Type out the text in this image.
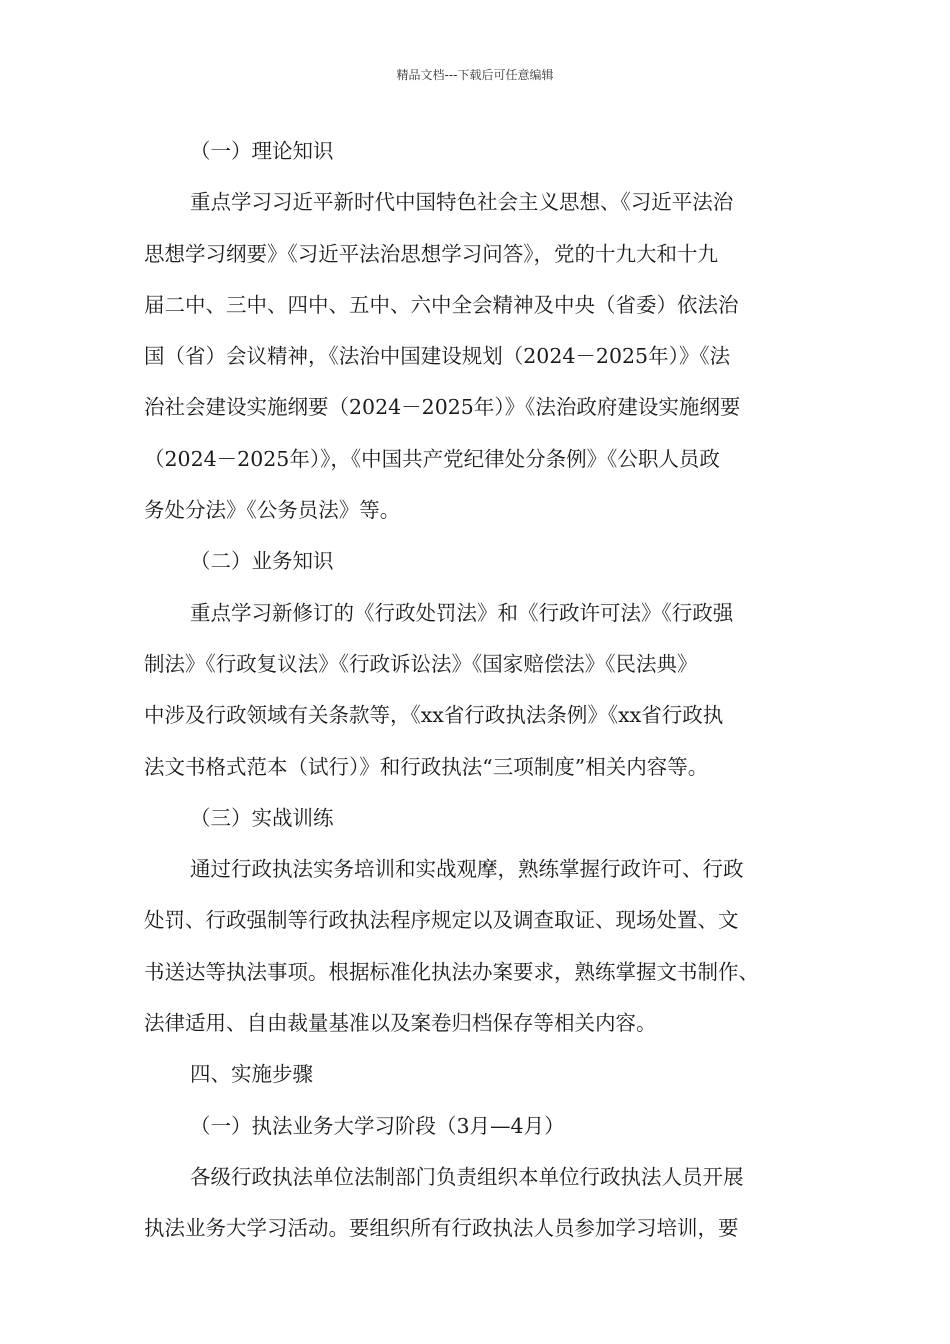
精品文档---下载后可任意编辑
（一）理论知识
重点学习习近平新时代中国特色社会主义思想、《习近平法治
思想学习纲要》《习近平法治思想学习问答》，党的十九大和十九
届二中、三中、四中、五中、六中全会精神及中央（省委）依法治
国（省）会议精神，《法治中国建设规划（2024－2025年）》《法
治社会建设实施纲要（2024－2025年）》《法治政府建设实施纲要
（2024－2025年）》，《中国共产党纪律处分条例》《公职人员政
务处分法》《公务员法》等。
（二）业务知识
重点学习新修订的《行政处罚法》和《行政许可法》《行政强
制法》《行政复议法》《行政诉讼法》《国家赔偿法》《民法典》
中涉及行政领域有关条款等，《xx省行政执法条例》《xx省行政执
法文书格式范本（试行）》和行政执法“三项制度”相关内容等。
（三）实战训练
通过行政执法实务培训和实战观摩，熟练掌握行政许可、行政
处罚、行政强制等行政执法程序规定以及调查取证、现场处置、文
书送达等执法事项。根据标准化执法办案要求，熟练掌握文书制作、
法律适用、自由裁量基准以及案卷归档保存等相关内容。
四、实施步骤
（一）执法业务大学习阶段（3月—4月）
各级行政执法单位法制部门负责组织本单位行政执法人员开展
执法业务大学习活动。要组织所有行政执法人员参加学习培训，要
